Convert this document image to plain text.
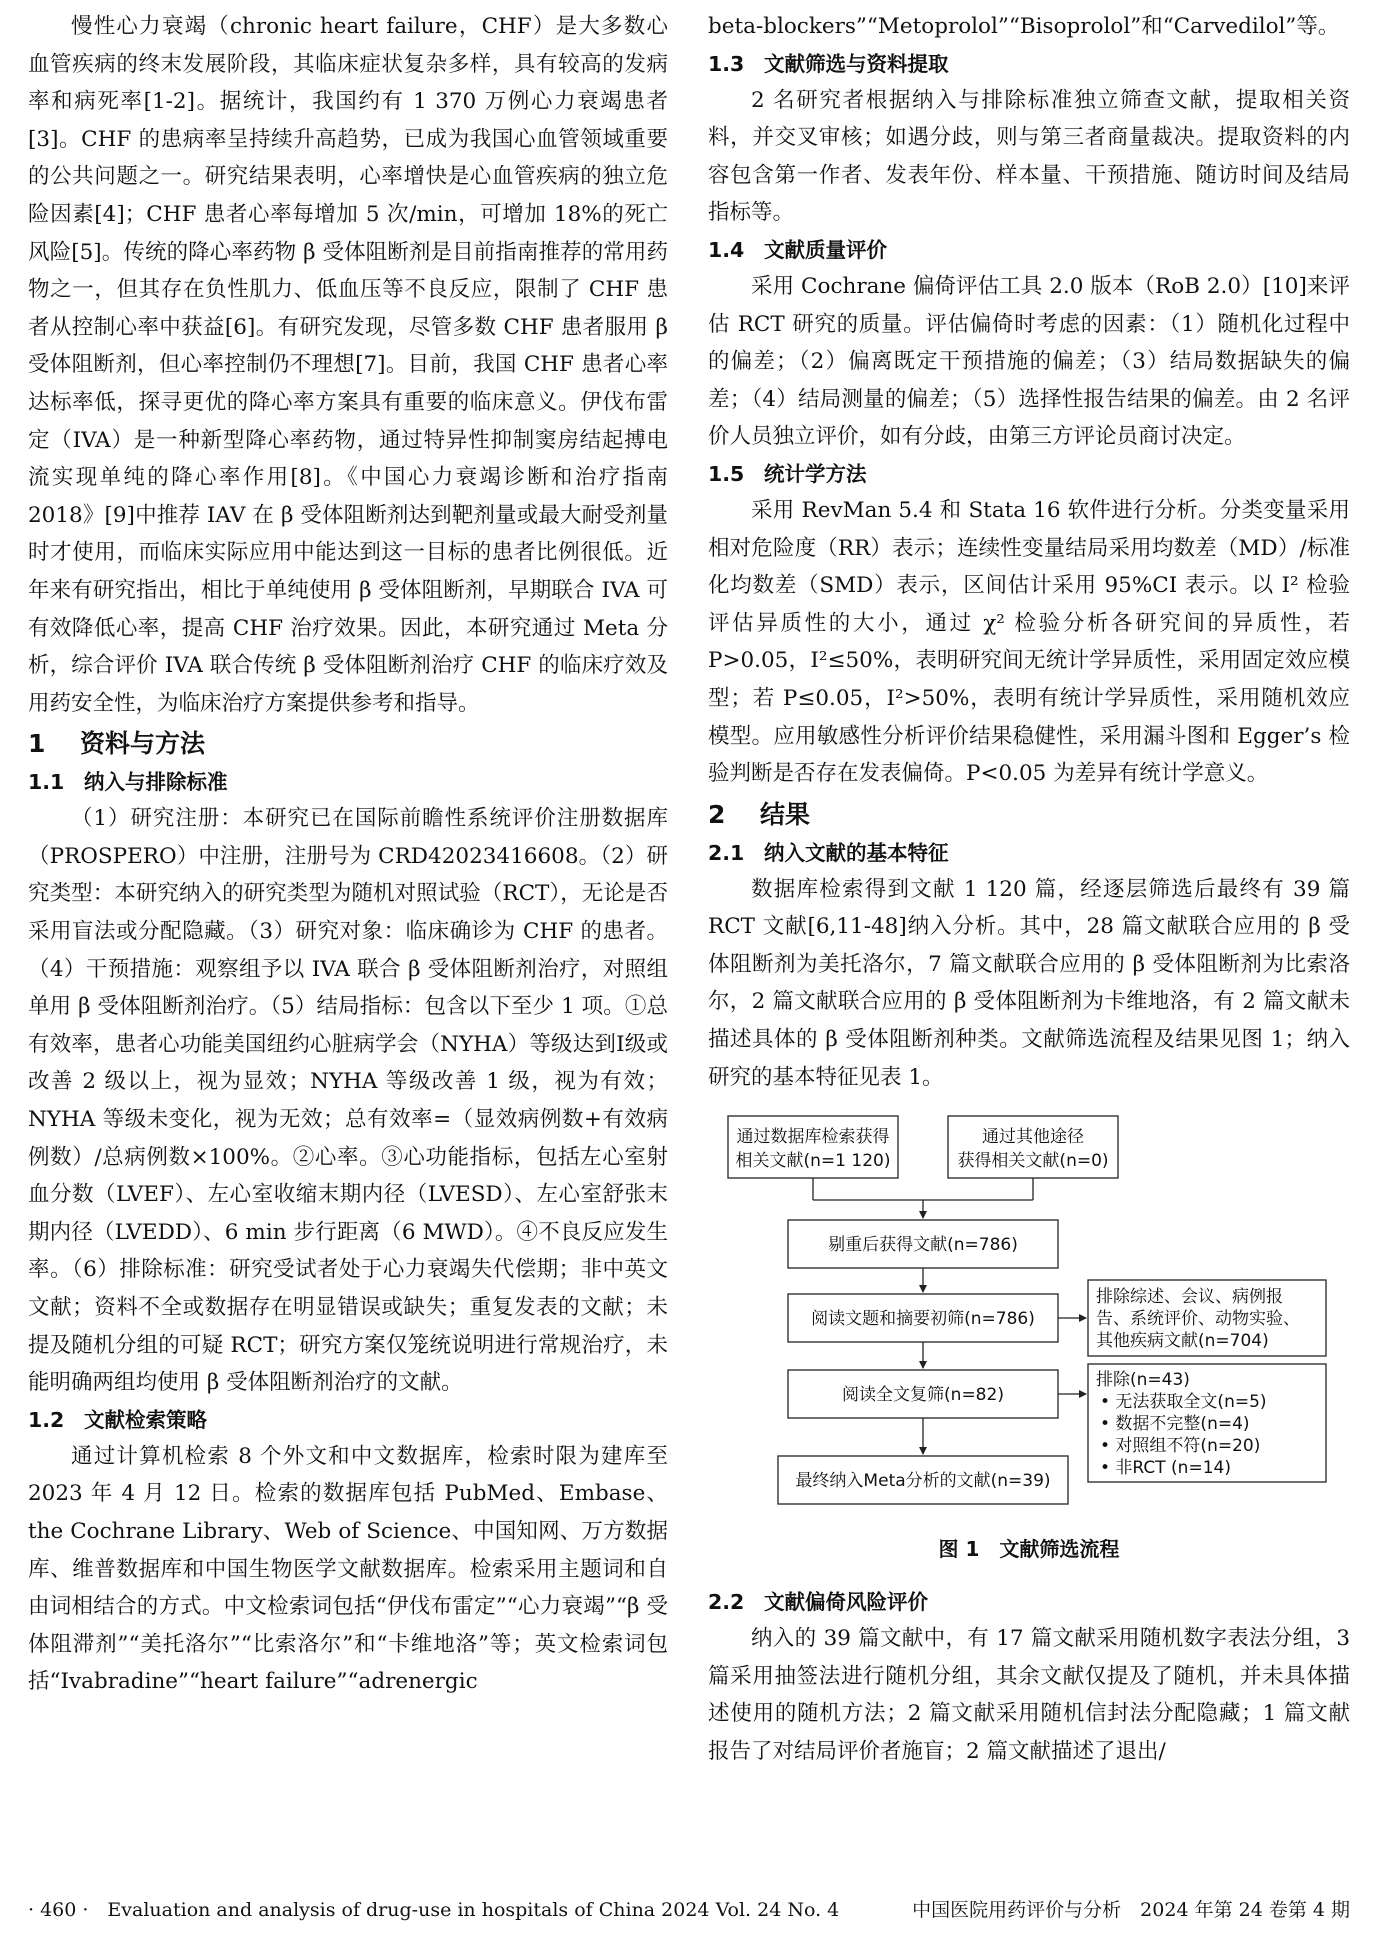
慢性心力衰竭（chronic heart failure，CHF）是大多数心血管疾病的终末发展阶段，其临床症状复杂多样，具有较高的发病率和病死率[1-2]。据统计，我国约有 1 370 万例心力衰竭患者[3]。CHF 的患病率呈持续升高趋势，已成为我国心血管领域重要的公共问题之一。研究结果表明，心率增快是心血管疾病的独立危险因素[4]；CHF 患者心率每增加 5 次/min，可增加 18%的死亡风险[5]。传统的降心率药物 β 受体阻断剂是目前指南推荐的常用药物之一，但其存在负性肌力、低血压等不良反应，限制了 CHF 患者从控制心率中获益[6]。有研究发现，尽管多数 CHF 患者服用 β 受体阻断剂，但心率控制仍不理想[7]。目前，我国 CHF 患者心率达标率低，探寻更优的降心率方案具有重要的临床意义。伊伐布雷定（IVA）是一种新型降心率药物，通过特异性抑制窦房结起搏电流实现单纯的降心率作用[8]。《中国心力衰竭诊断和治疗指南 2018》[9]中推荐 IAV 在 β 受体阻断剂达到靶剂量或最大耐受剂量时才使用，而临床实际应用中能达到这一目标的患者比例很低。近年来有研究指出，相比于单纯使用 β 受体阻断剂，早期联合 IVA 可有效降低心率，提高 CHF 治疗效果。因此，本研究通过 Meta 分析，综合评价 IVA 联合传统 β 受体阻断剂治疗 CHF 的临床疗效及用药安全性，为临床治疗方案提供参考和指导。

1 资料与方法
1.1 纳入与排除标准

（1）研究注册：本研究已在国际前瞻性系统评价注册数据库（PROSPERO）中注册，注册号为 CRD42023416608。（2）研究类型：本研究纳入的研究类型为随机对照试验（RCT），无论是否采用盲法或分配隐藏。（3）研究对象：临床确诊为 CHF 的患者。（4）干预措施：观察组予以 IVA 联合 β 受体阻断剂治疗，对照组单用 β 受体阻断剂治疗。（5）结局指标：包含以下至少 1 项。①总有效率，患者心功能美国纽约心脏病学会（NYHA）等级达到Ⅰ级或改善 2 级以上，视为显效；NYHA 等级改善 1 级，视为有效；NYHA 等级未变化，视为无效；总有效率=（显效病例数+有效病例数）/总病例数×100%。②心率。③心功能指标，包括左心室射血分数（LVEF）、左心室收缩末期内径（LVESD）、左心室舒张末期内径（LVEDD）、6 min 步行距离（6 MWD）。④不良反应发生率。（6）排除标准：研究受试者处于心力衰竭失代偿期；非中英文文献；资料不全或数据存在明显错误或缺失；重复发表的文献；未提及随机分组的可疑 RCT；研究方案仅笼统说明进行常规治疗，未能明确两组均使用 β 受体阻断剂治疗的文献。

1.2 文献检索策略

通过计算机检索 8 个外文和中文数据库，检索时限为建库至 2023 年 4 月 12 日。检索的数据库包括 PubMed、Embase、the Cochrane Library、Web of Science、中国知网、万方数据库、维普数据库和中国生物医学文献数据库。检索采用主题词和自由词相结合的方式。中文检索词包括“伊伐布雷定”“心力衰竭”“β 受体阻滞剂”“美托洛尔”“比索洛尔”和“卡维地洛”等；英文检索词包括“Ivabradine”“heart failure”“adrenergic

beta-blockers”“Metoprolol”“Bisoprolol”和“Carvedilol”等。

1.3 文献筛选与资料提取

2 名研究者根据纳入与排除标准独立筛查文献，提取相关资料，并交叉审核；如遇分歧，则与第三者商量裁决。提取资料的内容包含第一作者、发表年份、样本量、干预措施、随访时间及结局指标等。

1.4 文献质量评价

采用 Cochrane 偏倚评估工具 2.0 版本（RoB 2.0）[10]来评估 RCT 研究的质量。评估偏倚时考虑的因素：（1）随机化过程中的偏差；（2）偏离既定干预措施的偏差；（3）结局数据缺失的偏差；（4）结局测量的偏差；（5）选择性报告结果的偏差。由 2 名评价人员独立评价，如有分歧，由第三方评论员商讨决定。

1.5 统计学方法

采用 RevMan 5.4 和 Stata 16 软件进行分析。分类变量采用相对危险度（RR）表示；连续性变量结局采用均数差（MD）/标准化均数差（SMD）表示，区间估计采用 95%CI 表示。以 I² 检验评估异质性的大小，通过 χ² 检验分析各研究间的异质性，若 P>0.05，I²≤50%，表明研究间无统计学异质性，采用固定效应模型；若 P≤0.05，I²>50%，表明有统计学异质性，采用随机效应模型。应用敏感性分析评价结果稳健性，采用漏斗图和 Egger’s 检验判断是否存在发表偏倚。P<0.05 为差异有统计学意义。

2 结果
2.1 纳入文献的基本特征

数据库检索得到文献 1 120 篇，经逐层筛选后最终有 39 篇 RCT 文献[6,11-48]纳入分析。其中，28 篇文献联合应用的 β 受体阻断剂为美托洛尔，7 篇文献联合应用的 β 受体阻断剂为比索洛尔，2 篇文献联合应用的 β 受体阻断剂为卡维地洛，有 2 篇文献未描述具体的 β 受体阻断剂种类。文献筛选流程及结果见图 1；纳入研究的基本特征见表 1。

通过数据库检索获得
相关文献(n=1 120)
通过其他途径
获得相关文献(n=0)
剔重后获得文献(n=786)
阅读文题和摘要初筛(n=786)
排除综述、会议、病例报
告、系统评价、动物实验、
其他疾病文献(n=704)
阅读全文复筛(n=82)
排除(n=43)
• 无法获取全文(n=5)
• 数据不完整(n=4)
• 对照组不符(n=20)
• 非RCT (n=14)
最终纳入Meta分析的文献(n=39)

图 1　文献筛选流程

2.2 文献偏倚风险评价

纳入的 39 篇文献中，有 17 篇文献采用随机数字表法分组，3 篇采用抽签法进行随机分组，其余文献仅提及了随机，并未具体描述使用的随机方法；2 篇文献采用随机信封法分配隐藏；1 篇文献报告了对结局评价者施盲；2 篇文献描述了退出/

· 460 ·　Evaluation and analysis of drug-use in hospitals of China 2024 Vol. 24 No. 4	中国医院用药评价与分析　2024 年第 24 卷第 4 期
